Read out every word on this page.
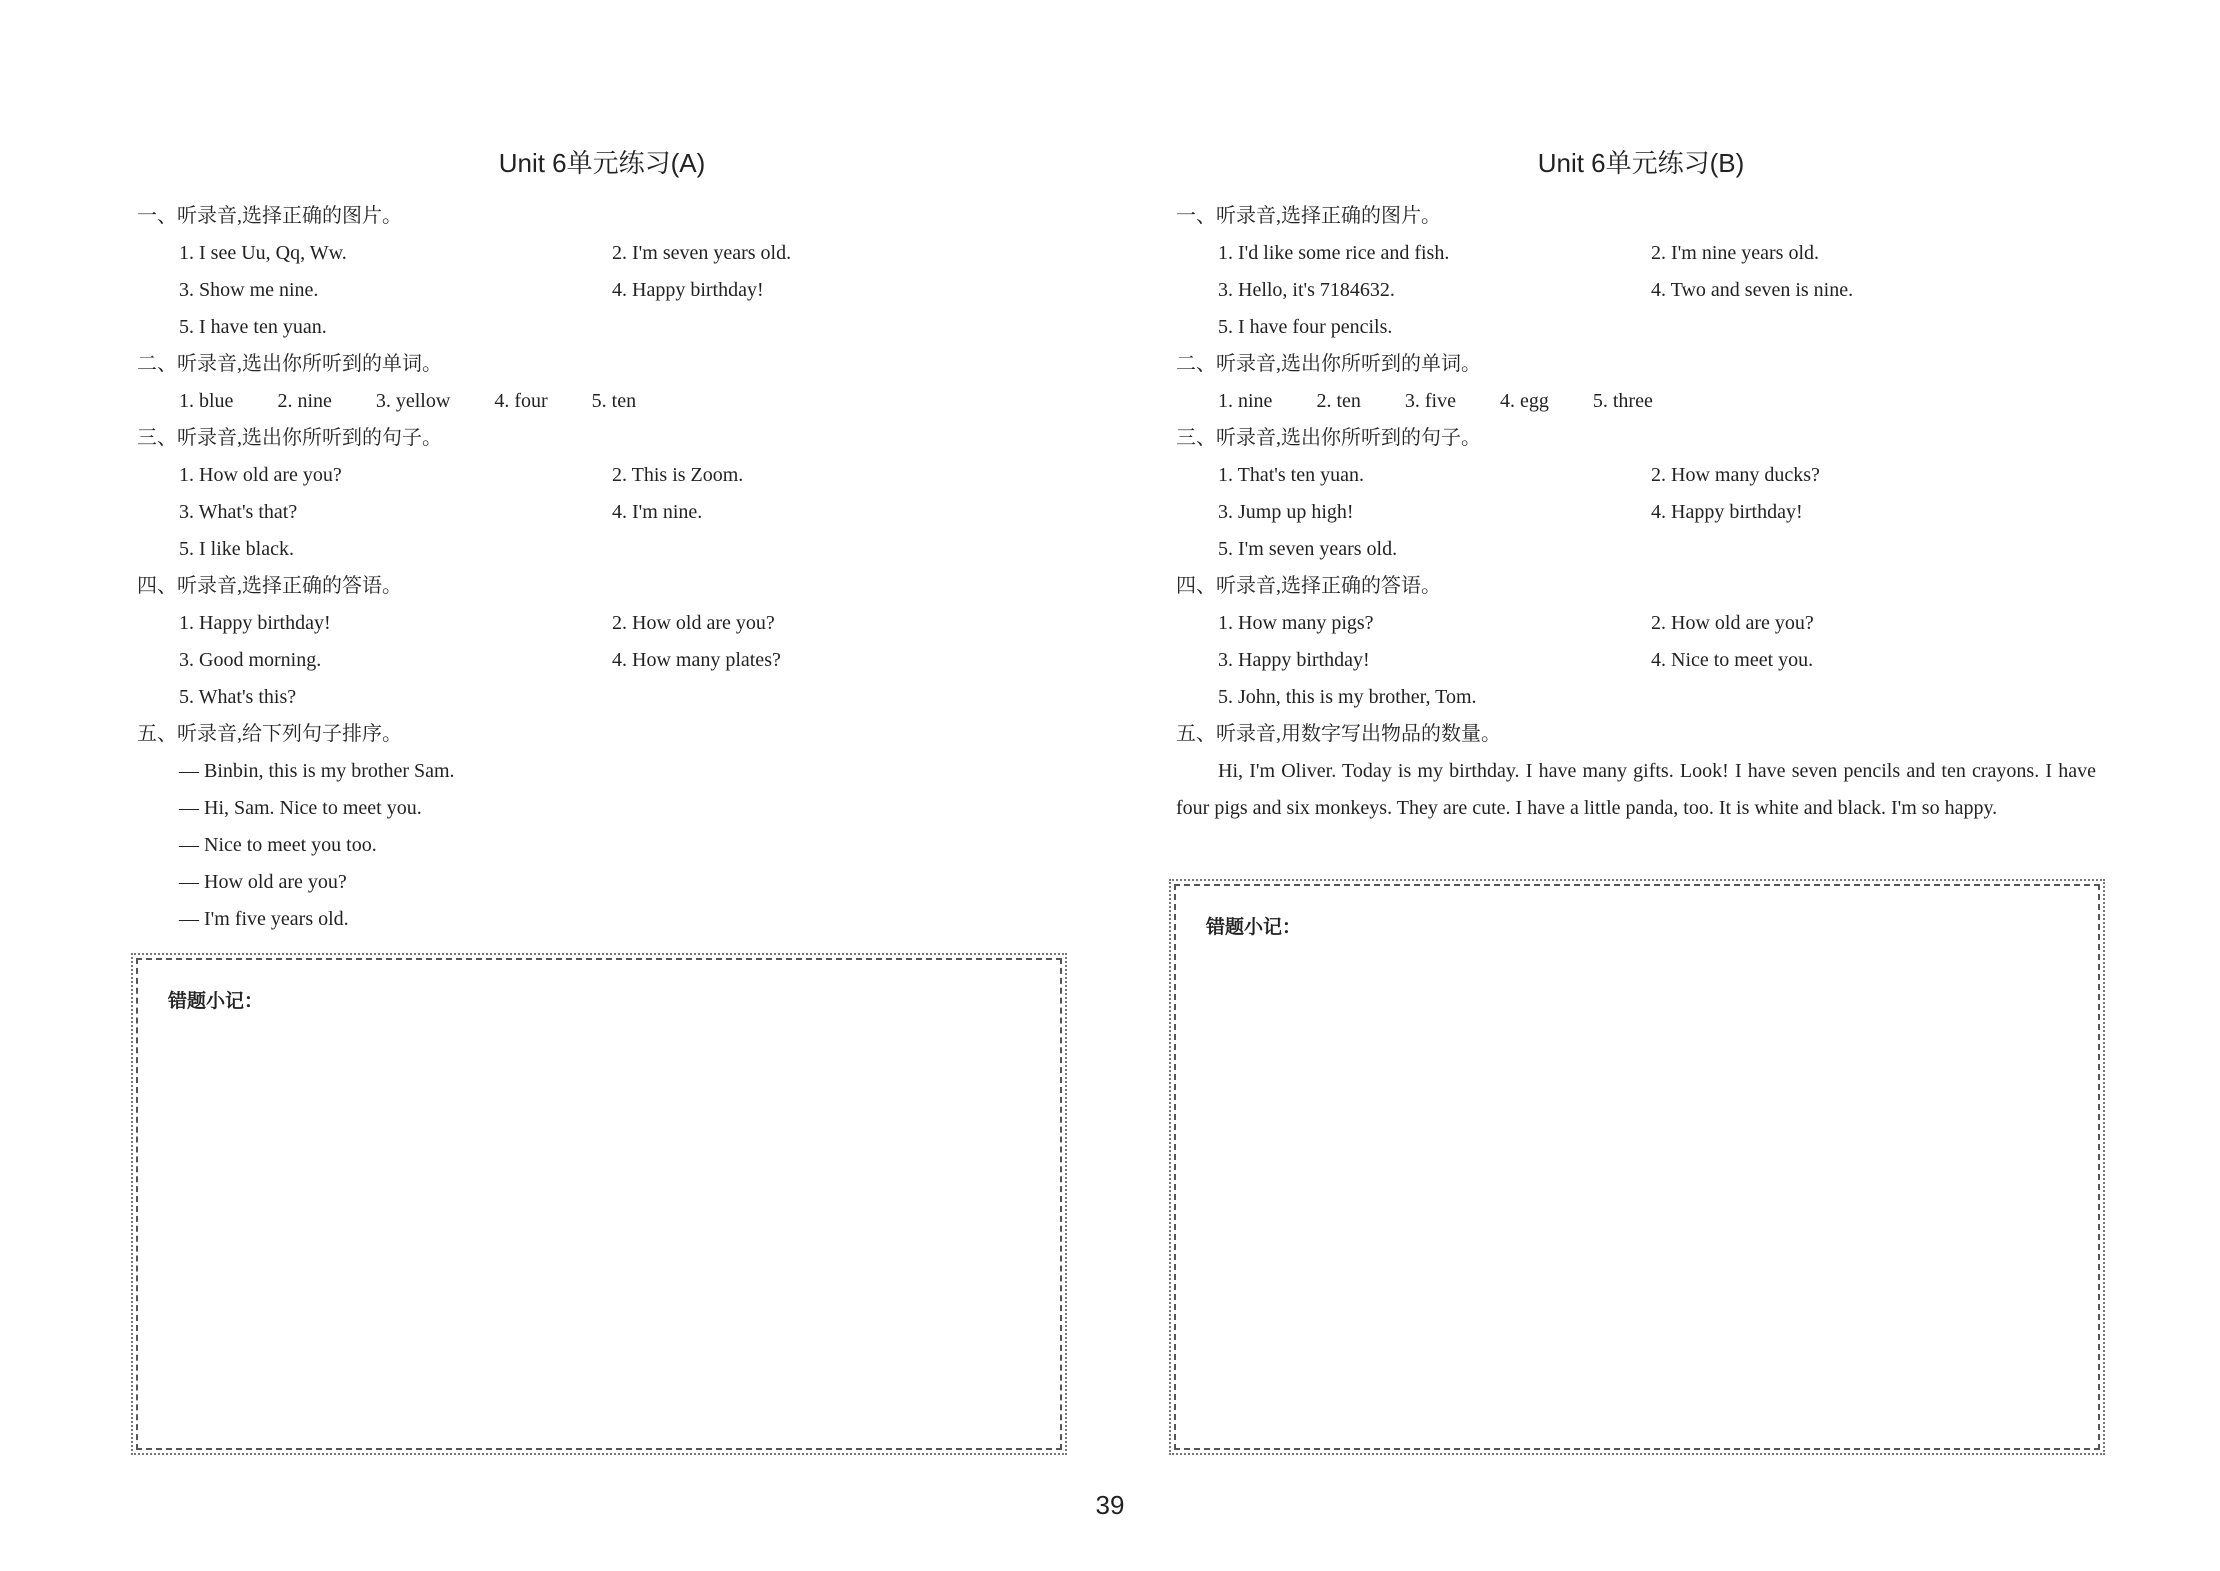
Unit 6单元练习(A)
一、听录音,选择正确的图片。
1. I see Uu, Qq, Ww.	2. I'm seven years old.
3. Show me nine.	4. Happy birthday!
5. I have ten yuan.
二、听录音,选出你所听到的单词。
1. blue 2. nine 3. yellow 4. four 5. ten
三、听录音,选出你所听到的句子。
1. How old are you?	2. This is Zoom.
3. What's that?	4. I'm nine.
5. I like black.
四、听录音,选择正确的答语。
1. Happy birthday!	2. How old are you?
3. Good morning.	4. How many plates?
5. What's this?
五、听录音,给下列句子排序。
— Binbin, this is my brother Sam.
— Hi, Sam. Nice to meet you.
— Nice to meet you too.
— How old are you?
— I'm five years old.
错题小记：
Unit 6单元练习(B)
一、听录音,选择正确的图片。
1. I'd like some rice and fish.	2. I'm nine years old.
3. Hello, it's 7184632.	4. Two and seven is nine.
5. I have four pencils.
二、听录音,选出你所听到的单词。
1. nine 2. ten 3. five 4. egg 5. three
三、听录音,选出你所听到的句子。
1. That's ten yuan.	2. How many ducks?
3. Jump up high!	4. Happy birthday!
5. I'm seven years old.
四、听录音,选择正确的答语。
1. How many pigs?	2. How old are you?
3. Happy birthday!	4. Nice to meet you.
5. John, this is my brother, Tom.
五、听录音,用数字写出物品的数量。
Hi, I'm Oliver. Today is my birthday. I have many gifts. Look! I have seven pencils and ten crayons. I have four pigs and six monkeys. They are cute. I have a little panda, too. It is white and black. I'm so happy.
错题小记：
39
